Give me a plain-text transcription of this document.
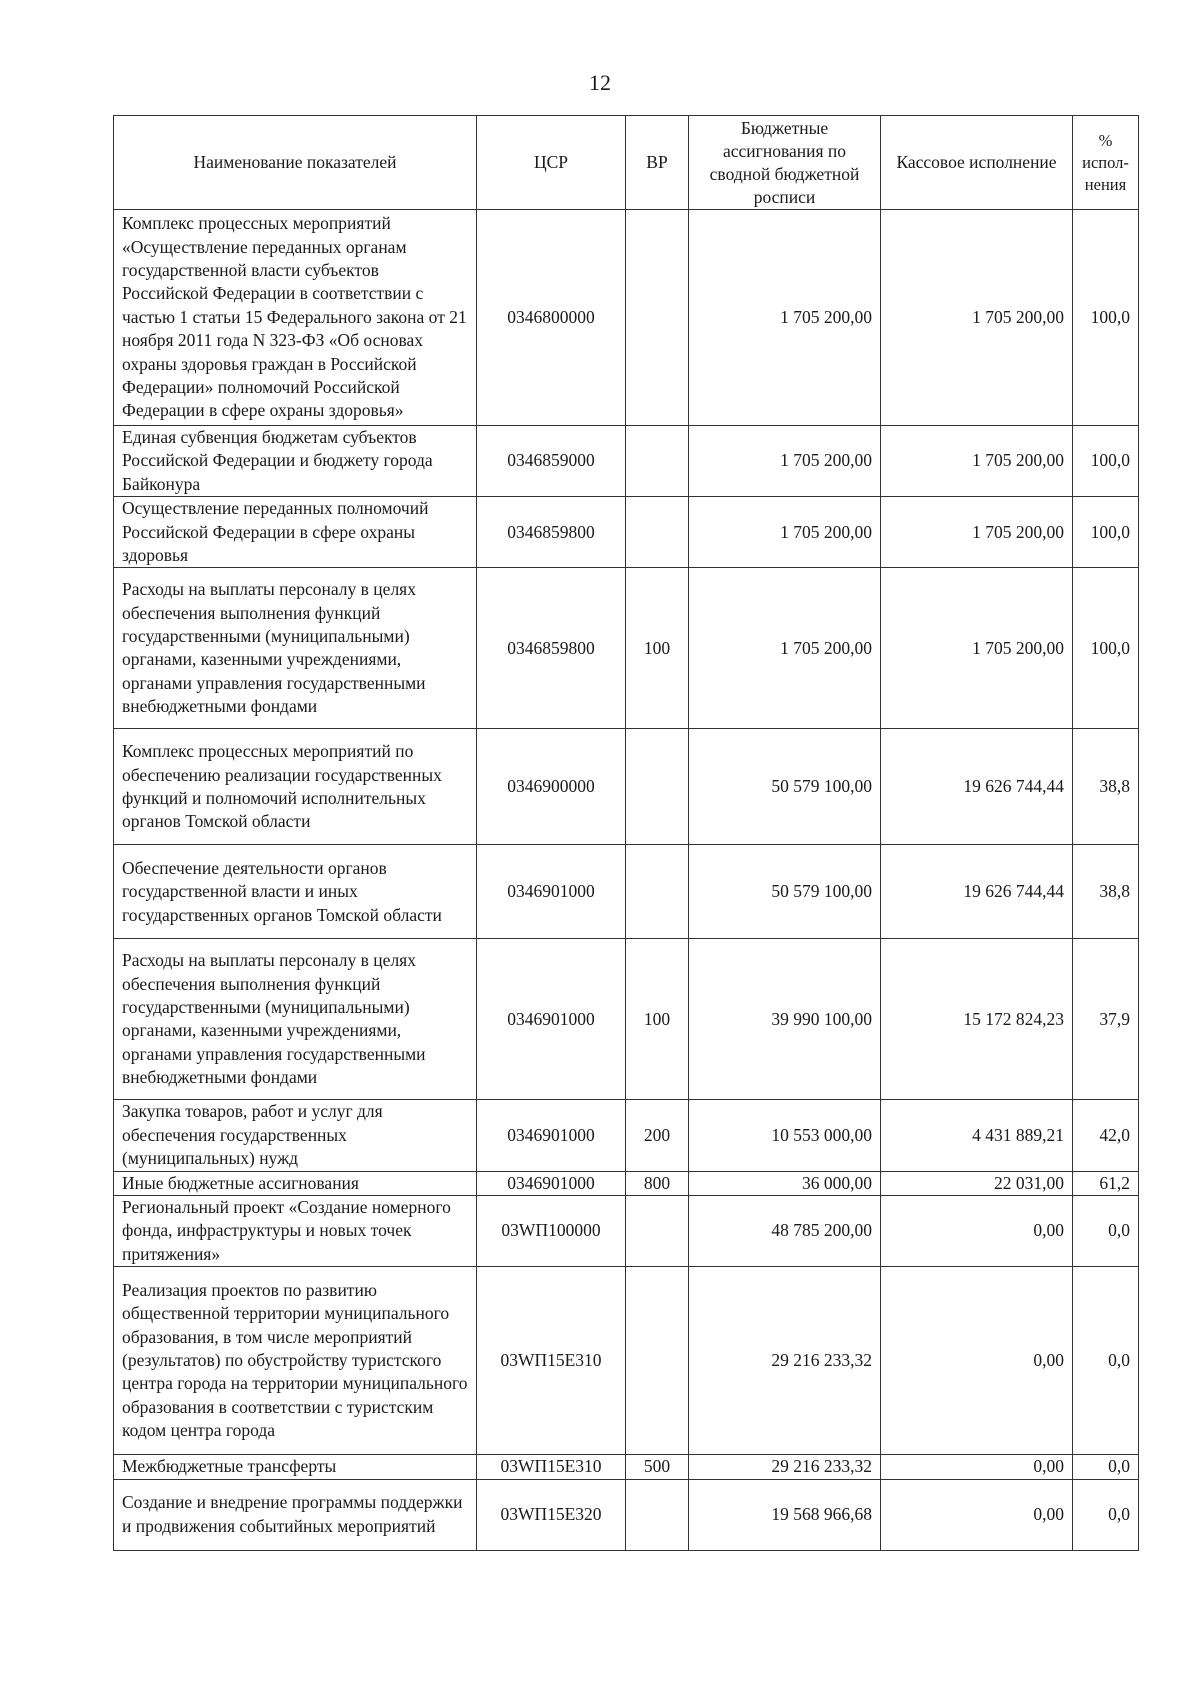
12
Наименование показателей	ЦСР	ВР	Бюджетные ассигнования по сводной бюджетной росписи	Кассовое исполнение	% испол-нения
Комплекс процессных мероприятий «Осуществление переданных органам государственной власти субъектов Российской Федерации в соответствии с частью 1 статьи 15 Федерального закона от 21 ноября 2011 года N 323-ФЗ «Об основах охраны здоровья граждан в Российской Федерации» полномочий Российской Федерации в сфере охраны здоровья»	0346800000		1 705 200,00	1 705 200,00	100,0
Единая субвенция бюджетам субъектов Российской Федерации и бюджету города Байконура	0346859000		1 705 200,00	1 705 200,00	100,0
Осуществление переданных полномочий Российской Федерации в сфере охраны здоровья	0346859800		1 705 200,00	1 705 200,00	100,0
Расходы на выплаты персоналу в целях обеспечения выполнения функций государственными (муниципальными) органами, казенными учреждениями, органами управления государственными внебюджетными фондами	0346859800	100	1 705 200,00	1 705 200,00	100,0
Комплекс процессных мероприятий по обеспечению реализации государственных функций и полномочий исполнительных органов Томской области	0346900000		50 579 100,00	19 626 744,44	38,8
Обеспечение деятельности органов государственной власти и иных государственных органов Томской области	0346901000		50 579 100,00	19 626 744,44	38,8
Расходы на выплаты персоналу в целях обеспечения выполнения функций государственными (муниципальными) органами, казенными учреждениями, органами управления государственными внебюджетными фондами	0346901000	100	39 990 100,00	15 172 824,23	37,9
Закупка товаров, работ и услуг для обеспечения государственных (муниципальных) нужд	0346901000	200	10 553 000,00	4 431 889,21	42,0
Иные бюджетные ассигнования	0346901000	800	36 000,00	22 031,00	61,2
Региональный проект «Создание номерного фонда, инфраструктуры и новых точек притяжения»	03WП100000		48 785 200,00	0,00	0,0
Реализация проектов по развитию общественной территории муниципального образования, в том числе мероприятий (результатов) по обустройству туристского центра города на территории муниципального образования в соответствии с туристским кодом центра города	03WП15Е310		29 216 233,32	0,00	0,0
Межбюджетные трансферты	03WП15Е310	500	29 216 233,32	0,00	0,0
Создание и внедрение программы поддержки и продвижения событийных мероприятий	03WП15Е320		19 568 966,68	0,00	0,0
